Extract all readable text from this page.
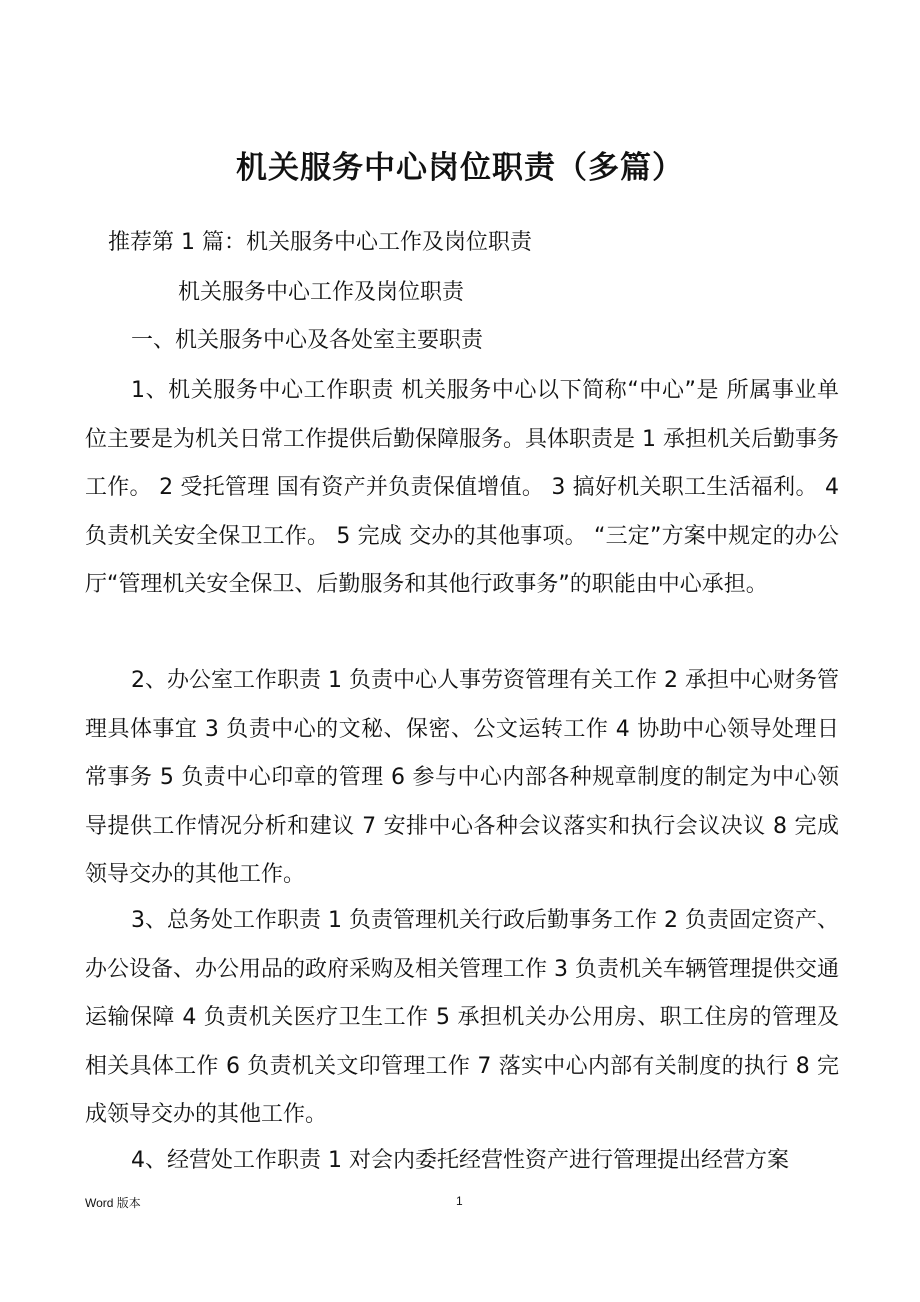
机关服务中心岗位职责（多篇）
推荐第 1 篇：机关服务中心工作及岗位职责
机关服务中心工作及岗位职责
一、机关服务中心及各处室主要职责
1、机关服务中心工作职责 机关服务中心以下简称“中心”是 所属事业单位主要是为机关日常工作提供后勤保障服务。具体职责是 1 承担机关后勤事务工作。 2 受托管理 国有资产并负责保值增值。 3 搞好机关职工生活福利。 4 负责机关安全保卫工作。 5 完成 交办的其他事项。 “三定”方案中规定的办公厅“管理机关安全保卫、后勤服务和其他行政事务”的职能由中心承担。
2、办公室工作职责 1 负责中心人事劳资管理有关工作 2 承担中心财务管理具体事宜 3 负责中心的文秘、保密、公文运转工作 4 协助中心领导处理日常事务 5 负责中心印章的管理 6 参与中心内部各种规章制度的制定为中心领导提供工作情况分析和建议 7 安排中心各种会议落实和执行会议决议 8 完成领导交办的其他工作。
3、总务处工作职责 1 负责管理机关行政后勤事务工作 2 负责固定资产、办公设备、办公用品的政府采购及相关管理工作 3 负责机关车辆管理提供交通运输保障 4 负责机关医疗卫生工作 5 承担机关办公用房、职工住房的管理及相关具体工作 6 负责机关文印管理工作 7 落实中心内部有关制度的执行 8 完成领导交办的其他工作。
4、经营处工作职责 1 对会内委托经营性资产进行管理提出经营方案
Word 版本	1
